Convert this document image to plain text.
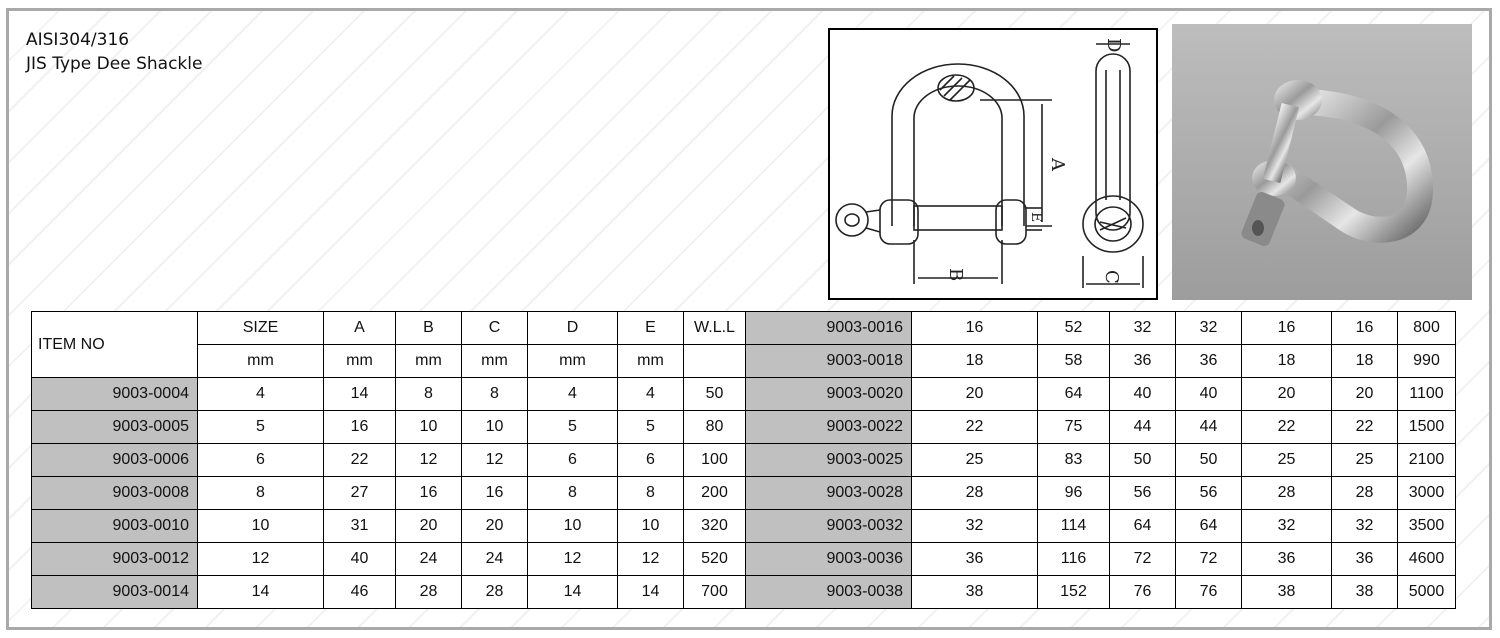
AISI304/316
JIS Type Dee Shackle
A
B	C
D
E
ITEM NO	SIZE	A	B	C	D	E	W.L.L	9003-0016	16	52	32	32	16	16	800
	mm	mm	mm	mm	mm	mm		9003-0018	18	58	36	36	18	18	990
9003-0004	4	14	8	8	4	4	50	9003-0020	20	64	40	40	20	20	1100
9003-0005	5	16	10	10	5	5	80	9003-0022	22	75	44	44	22	22	1500
9003-0006	6	22	12	12	6	6	100	9003-0025	25	83	50	50	25	25	2100
9003-0008	8	27	16	16	8	8	200	9003-0028	28	96	56	56	28	28	3000
9003-0010	10	31	20	20	10	10	320	9003-0032	32	114	64	64	32	32	3500
9003-0012	12	40	24	24	12	12	520	9003-0036	36	116	72	72	36	36	4600
9003-0014	14	46	28	28	14	14	700	9003-0038	38	152	76	76	38	38	5000
